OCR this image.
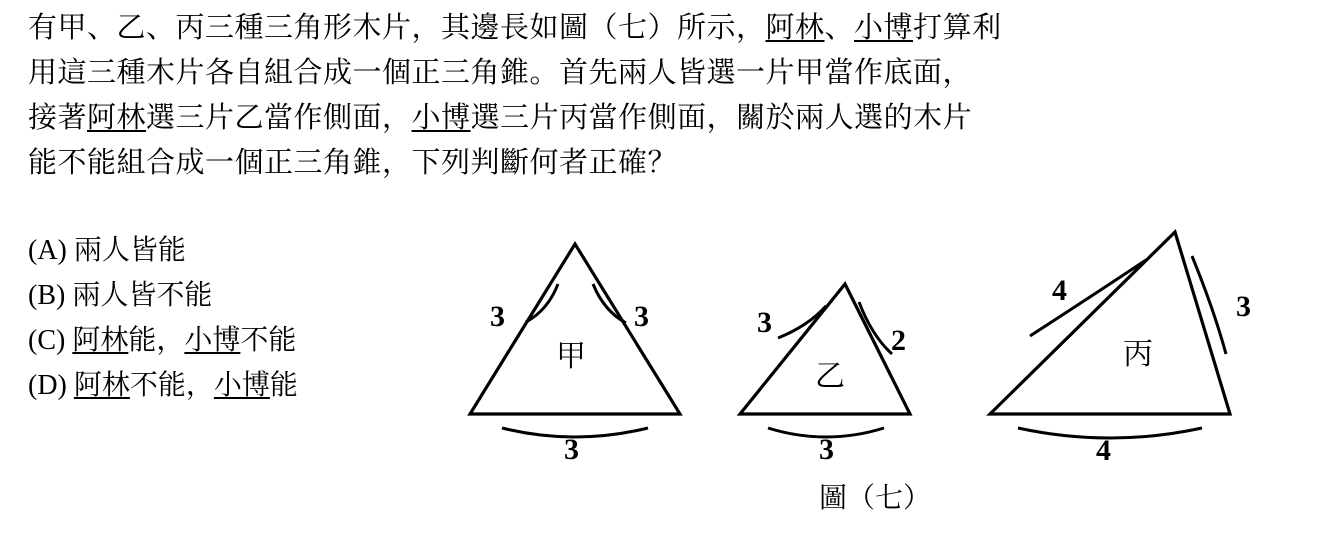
有甲、乙、丙三種三角形木片，其邊長如圖（七）所示，阿林、小博打算利
用這三種木片各自組合成一個正三角錐。首先兩人皆選一片甲當作底面，
接著阿林選三片乙當作側面，小博選三片丙當作側面，關於兩人選的木片
能不能組合成一個正三角錐，下列判斷何者正確？
(A) 兩人皆能
(B) 兩人皆不能
(C) 阿林能，小博不能
(D) 阿林不能，小博能
3	3
3
甲
3
2
3
乙
4	3
4
丙
圖（七）
